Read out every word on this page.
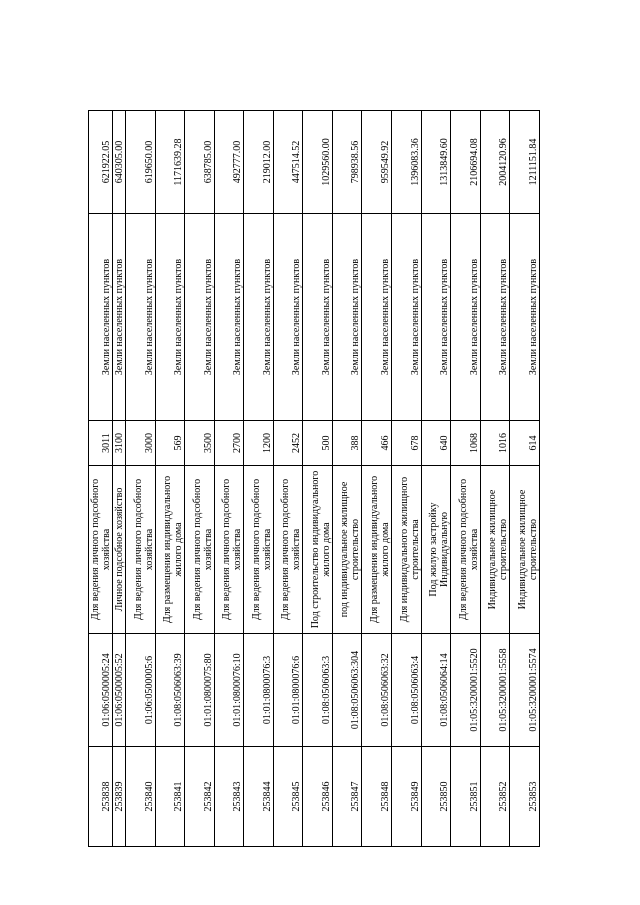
253838	01:06:0500005:24	Для ведения личного подсобного хозяйства	3011	Земли населенных пунктов	621922.05
253839	01:06:0500005:52	Личное подсобное хозяйство	3100	Земли населенных пунктов	640305.00
253840	01:06:0500005:6	Для ведения личного подсобного хозяйства	3000	Земли населенных пунктов	619650.00
253841	01:08:0506063:39	Для размещения индивидуального жилого дома	569	Земли населенных пунктов	1171639.28
253842	01:01:0800075:80	Для ведения личного подсобного хозяйства	3500	Земли населенных пунктов	638785.00
253843	01:01:0800076:10	Для ведения личного подсобного хозяйства	2700	Земли населенных пунктов	492777.00
253844	01:01:0800076:3	Для ведения личного подсобного хозяйства	1200	Земли населенных пунктов	219012.00
253845	01:01:0800076:6	Для ведения личного подсобного хозяйства	2452	Земли населенных пунктов	447514.52
253846	01:08:0506063:3	Под строительство индивидуального жилого дома	500	Земли населенных пунктов	1029560.00
253847	01:08:0506063:304	под индивидуальное жилищное строительство	388	Земли населенных пунктов	798938.56
253848	01:08:0506063:32	Для размещения индивидуального жилого дома	466	Земли населенных пунктов	959549.92
253849	01:08:0506063:4	Для индивидуального жилищного строительства	678	Земли населенных пунктов	1396083.36
253850	01:08:0506064:14	Под жилую застройку Индивидуальную	640	Земли населенных пунктов	1313849.60
253851	01:05:3200001:5520	Для ведения личного подсобного хозяйства	1068	Земли населенных пунктов	2106694.08
253852	01:05:3200001:5558	Индивидуальное жилищное строительство	1016	Земли населенных пунктов	2004120.96
253853	01:05:3200001:5574	Индивидуальное жилищное строительство	614	Земли населенных пунктов	1211151.84
